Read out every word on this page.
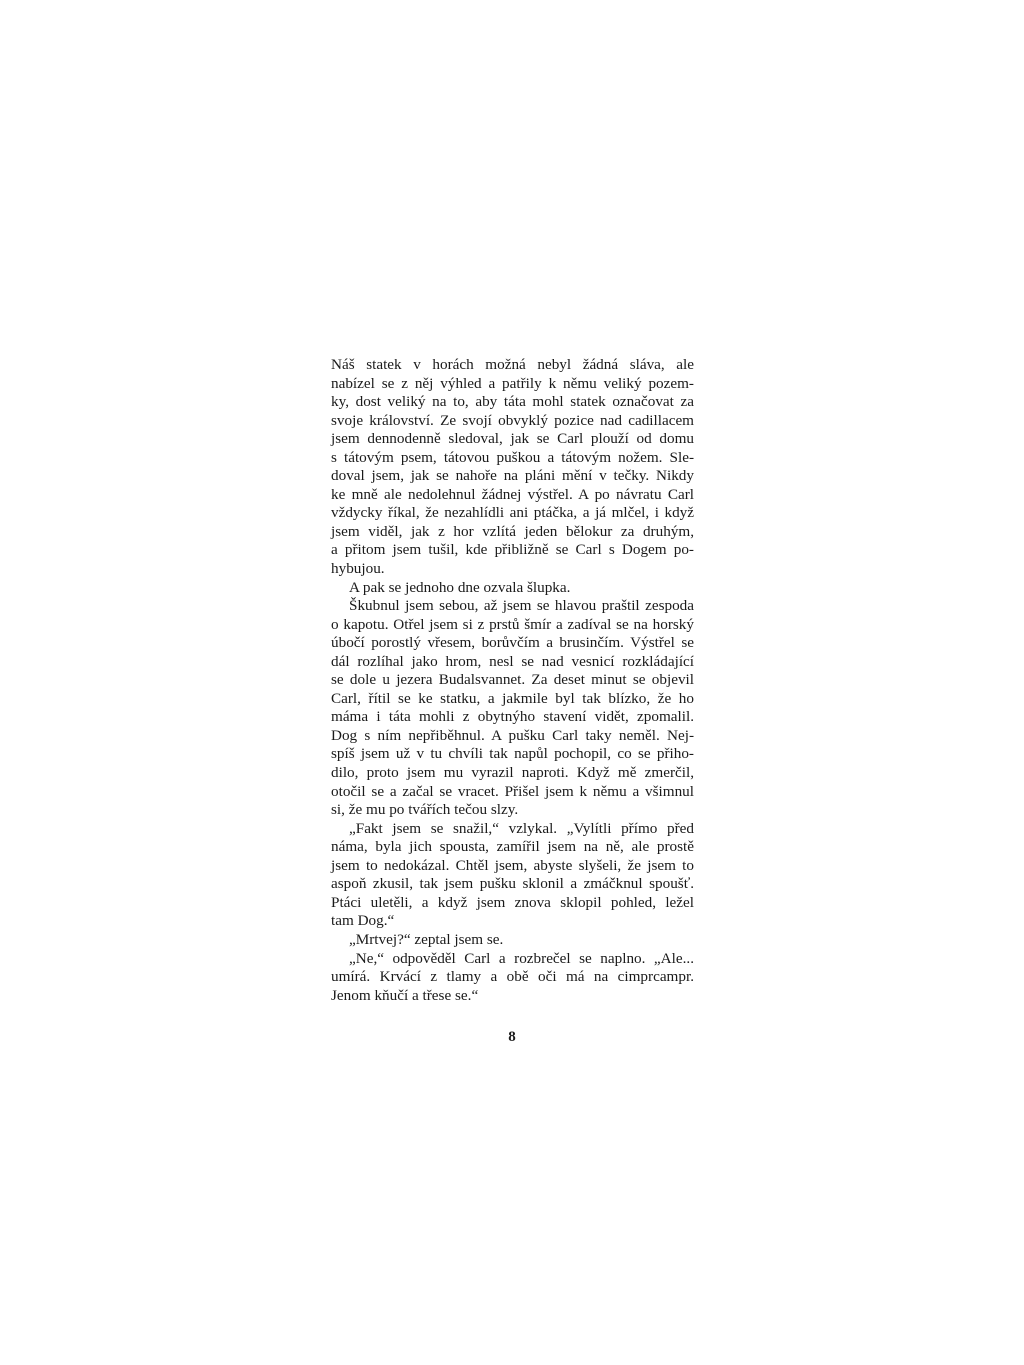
Náš statek v horách možná nebyl žádná sláva, ale
nabízel se z něj výhled a patřily k němu veliký pozem-
ky, dost veliký na to, aby táta mohl statek označovat za
svoje království. Ze svojí obvyklý pozice nad cadillacem
jsem dennodenně sledoval, jak se Carl plouží od domu
s tátovým psem, tátovou puškou a tátovým nožem. Sle-
doval jsem, jak se nahoře na pláni mění v tečky. Nikdy
ke mně ale nedolehnul žádnej výstřel. A po návratu Carl
vždycky říkal, že nezahlídli ani ptáčka, a já mlčel, i když
jsem viděl, jak z hor vzlítá jeden bělokur za druhým,
a přitom jsem tušil, kde přibližně se Carl s Dogem po-
hybujou.

A pak se jednoho dne ozvala šlupka.

Škubnul jsem sebou, až jsem se hlavou praštil zespoda
o kapotu. Otřel jsem si z prstů šmír a zadíval se na horský
úbočí porostlý vřesem, borůvčím a brusinčím. Výstřel se
dál rozlíhal jako hrom, nesl se nad vesnicí rozkládající
se dole u jezera Budalsvannet. Za deset minut se objevil
Carl, řítil se ke statku, a jakmile byl tak blízko, že ho
máma i táta mohli z obytnýho stavení vidět, zpomalil.
Dog s ním nepřiběhnul. A pušku Carl taky neměl. Nej-
spíš jsem už v tu chvíli tak napůl pochopil, co se přiho-
dilo, proto jsem mu vyrazil naproti. Když mě zmerčil,
otočil se a začal se vracet. Přišel jsem k němu a všimnul
si, že mu po tvářích tečou slzy.

„Fakt jsem se snažil,“ vzlykal. „Vylítli přímo před
náma, byla jich spousta, zamířil jsem na ně, ale prostě
jsem to nedokázal. Chtěl jsem, abyste slyšeli, že jsem to
aspoň zkusil, tak jsem pušku sklonil a zmáčknul spoušť.
Ptáci uletěli, a když jsem znova sklopil pohled, ležel
tam Dog.“

„Mrtvej?“ zeptal jsem se.

„Ne,“ odpověděl Carl a rozbrečel se naplno. „Ale...
umírá. Krvácí z tlamy a obě oči má na cimprcampr.
Jenom kňučí a třese se.“

8
